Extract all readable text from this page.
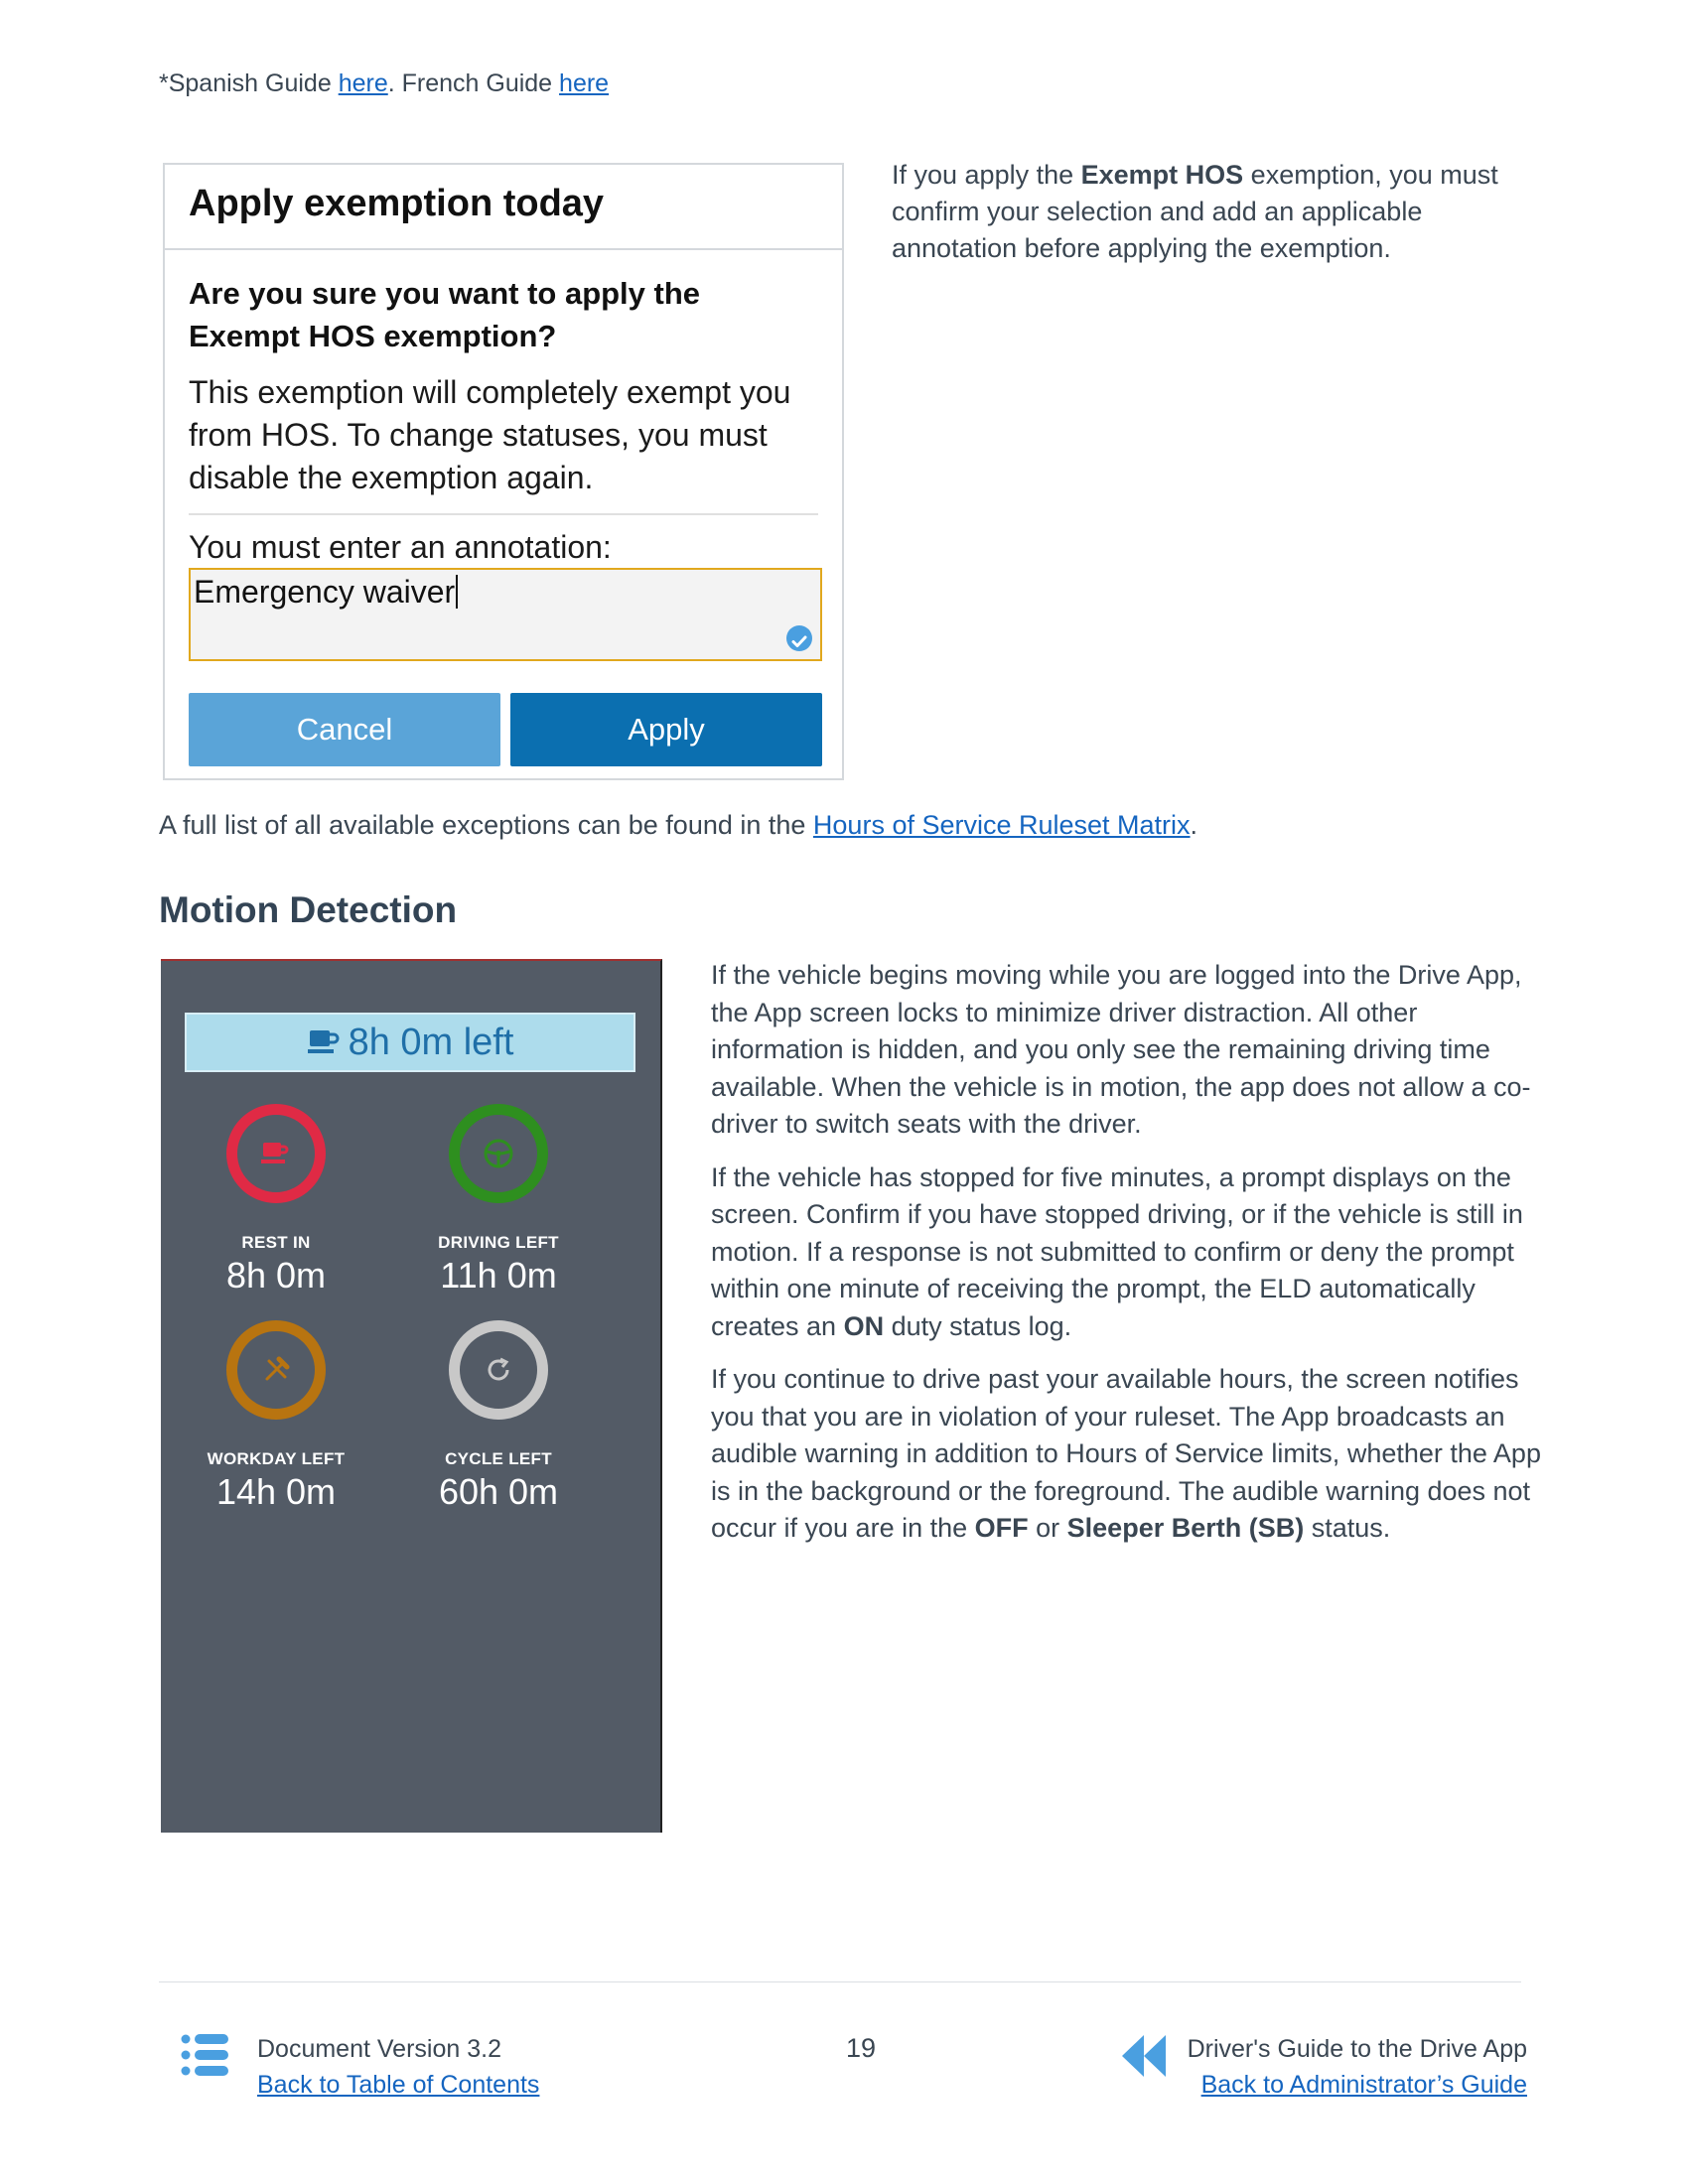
*Spanish Guide here. French Guide here
Apply exemption today
Are you sure you want to apply the Exempt HOS exemption?
This exemption will completely exempt you from HOS. To change statuses, you must disable the exemption again.
You must enter an annotation:
Emergency waiver
Cancel	Apply
If you apply the Exempt HOS exemption, you must confirm your selection and add an applicable annotation before applying the exemption.
A full list of all available exceptions can be found in the Hours of Service Ruleset Matrix.
Motion Detection
8h 0m left
REST IN
8h 0m
DRIVING LEFT
11h 0m
WORKDAY LEFT
14h 0m
CYCLE LEFT
60h 0m

If the vehicle begins moving while you are logged into the Drive App, the App screen locks to minimize driver distraction. All other information is hidden, and you only see the remaining driving time available. When the vehicle is in motion, the app does not allow a co-driver to switch seats with the driver.

If the vehicle has stopped for five minutes, a prompt displays on the screen. Confirm if you have stopped driving, or if the vehicle is still in motion. If a response is not submitted to confirm or deny the prompt within one minute of receiving the prompt, the ELD automatically creates an ON duty status log.

If you continue to drive past your available hours, the screen notifies you that you are in violation of your ruleset. The App broadcasts an audible warning in addition to Hours of Service limits, whether the App is in the background or the foreground. The audible warning does not occur if you are in the OFF or Sleeper Berth (SB) status.

Document Version 3.2
Back to Table of Contents
19	Driver's Guide to the Drive App
Back to Administrator’s Guide
